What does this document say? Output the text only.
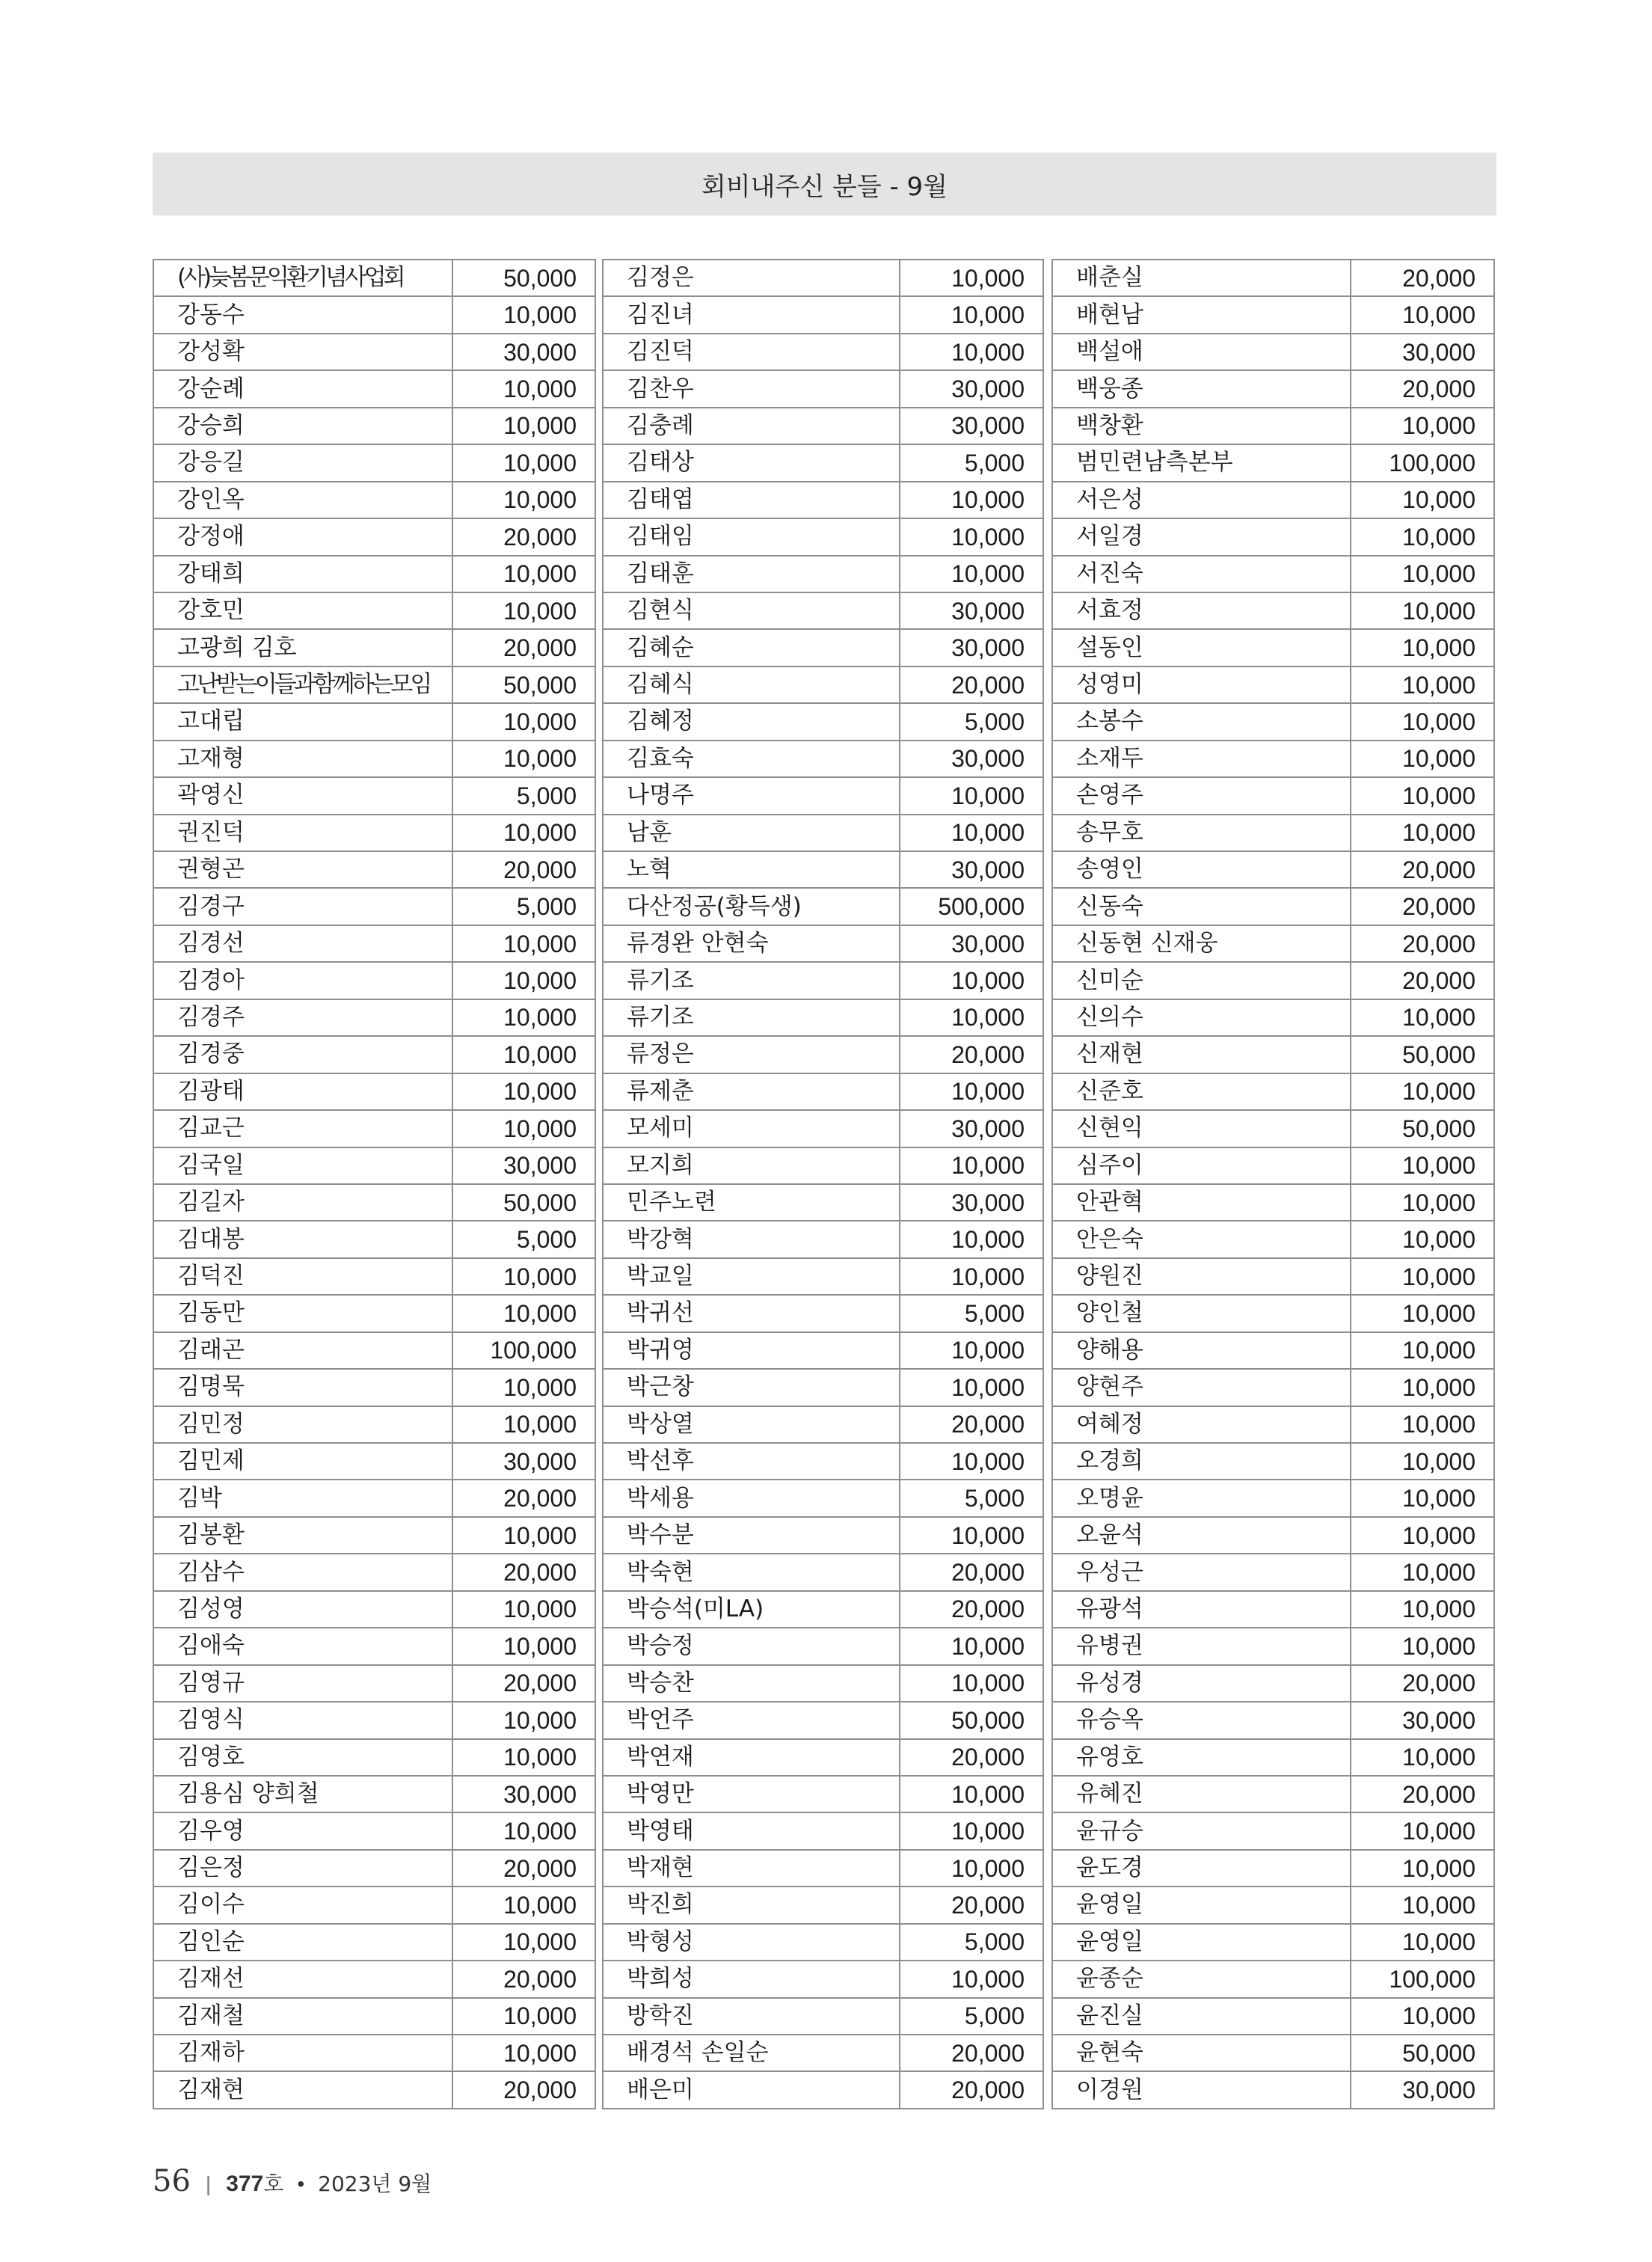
회비내주신 분들 - 9월
(사)늦봄문익환기념사업회	50,000
강동수	10,000
강성확	30,000
강순례	10,000
강승희	10,000
강응길	10,000
강인옥	10,000
강정애	20,000
강태희	10,000
강호민	10,000
고광희 김호	20,000
고난받는이들과함께하는모임	50,000
고대립	10,000
고재형	10,000
곽영신	5,000
권진덕	10,000
권형곤	20,000
김경구	5,000
김경선	10,000
김경아	10,000
김경주	10,000
김경중	10,000
김광태	10,000
김교근	10,000
김국일	30,000
김길자	50,000
김대봉	5,000
김덕진	10,000
김동만	10,000
김래곤	100,000
김명묵	10,000
김민정	10,000
김민제	30,000
김박	20,000
김봉환	10,000
김삼수	20,000
김성영	10,000
김애숙	10,000
김영규	20,000
김영식	10,000
김영호	10,000
김용심 양희철	30,000
김우영	10,000
김은정	20,000
김이수	10,000
김인순	10,000
김재선	20,000
김재철	10,000
김재하	10,000
김재현	20,000
김정은	10,000
김진녀	10,000
김진덕	10,000
김찬우	30,000
김충례	30,000
김태상	5,000
김태엽	10,000
김태임	10,000
김태훈	10,000
김현식	30,000
김혜순	30,000
김혜식	20,000
김혜정	5,000
김효숙	30,000
나명주	10,000
남훈	10,000
노혁	30,000
다산정공(황득생)	500,000
류경완 안현숙	30,000
류기조	10,000
류기조	10,000
류정은	20,000
류제춘	10,000
모세미	30,000
모지희	10,000
민주노련	30,000
박강혁	10,000
박교일	10,000
박귀선	5,000
박귀영	10,000
박근창	10,000
박상열	20,000
박선후	10,000
박세용	5,000
박수분	10,000
박숙현	20,000
박승석(미LA)	20,000
박승정	10,000
박승찬	10,000
박언주	50,000
박연재	20,000
박영만	10,000
박영태	10,000
박재현	10,000
박진희	20,000
박형성	5,000
박희성	10,000
방학진	5,000
배경석 손일순	20,000
배은미	20,000
배춘실	20,000
배현남	10,000
백설애	30,000
백웅종	20,000
백창환	10,000
범민련남측본부	100,000
서은성	10,000
서일경	10,000
서진숙	10,000
서효정	10,000
설동인	10,000
성영미	10,000
소봉수	10,000
소재두	10,000
손영주	10,000
송무호	10,000
송영인	20,000
신동숙	20,000
신동현 신재웅	20,000
신미순	20,000
신의수	10,000
신재현	50,000
신준호	10,000
신현익	50,000
심주이	10,000
안관혁	10,000
안은숙	10,000
양원진	10,000
양인철	10,000
양해용	10,000
양현주	10,000
여혜정	10,000
오경희	10,000
오명윤	10,000
오윤석	10,000
우성근	10,000
유광석	10,000
유병권	10,000
유성경	20,000
유승옥	30,000
유영호	10,000
유혜진	20,000
윤규승	10,000
윤도경	10,000
윤영일	10,000
윤영일	10,000
윤종순	100,000
윤진실	10,000
윤현숙	50,000
이경원	30,000
56 | 377 호 • 2023년 9월
